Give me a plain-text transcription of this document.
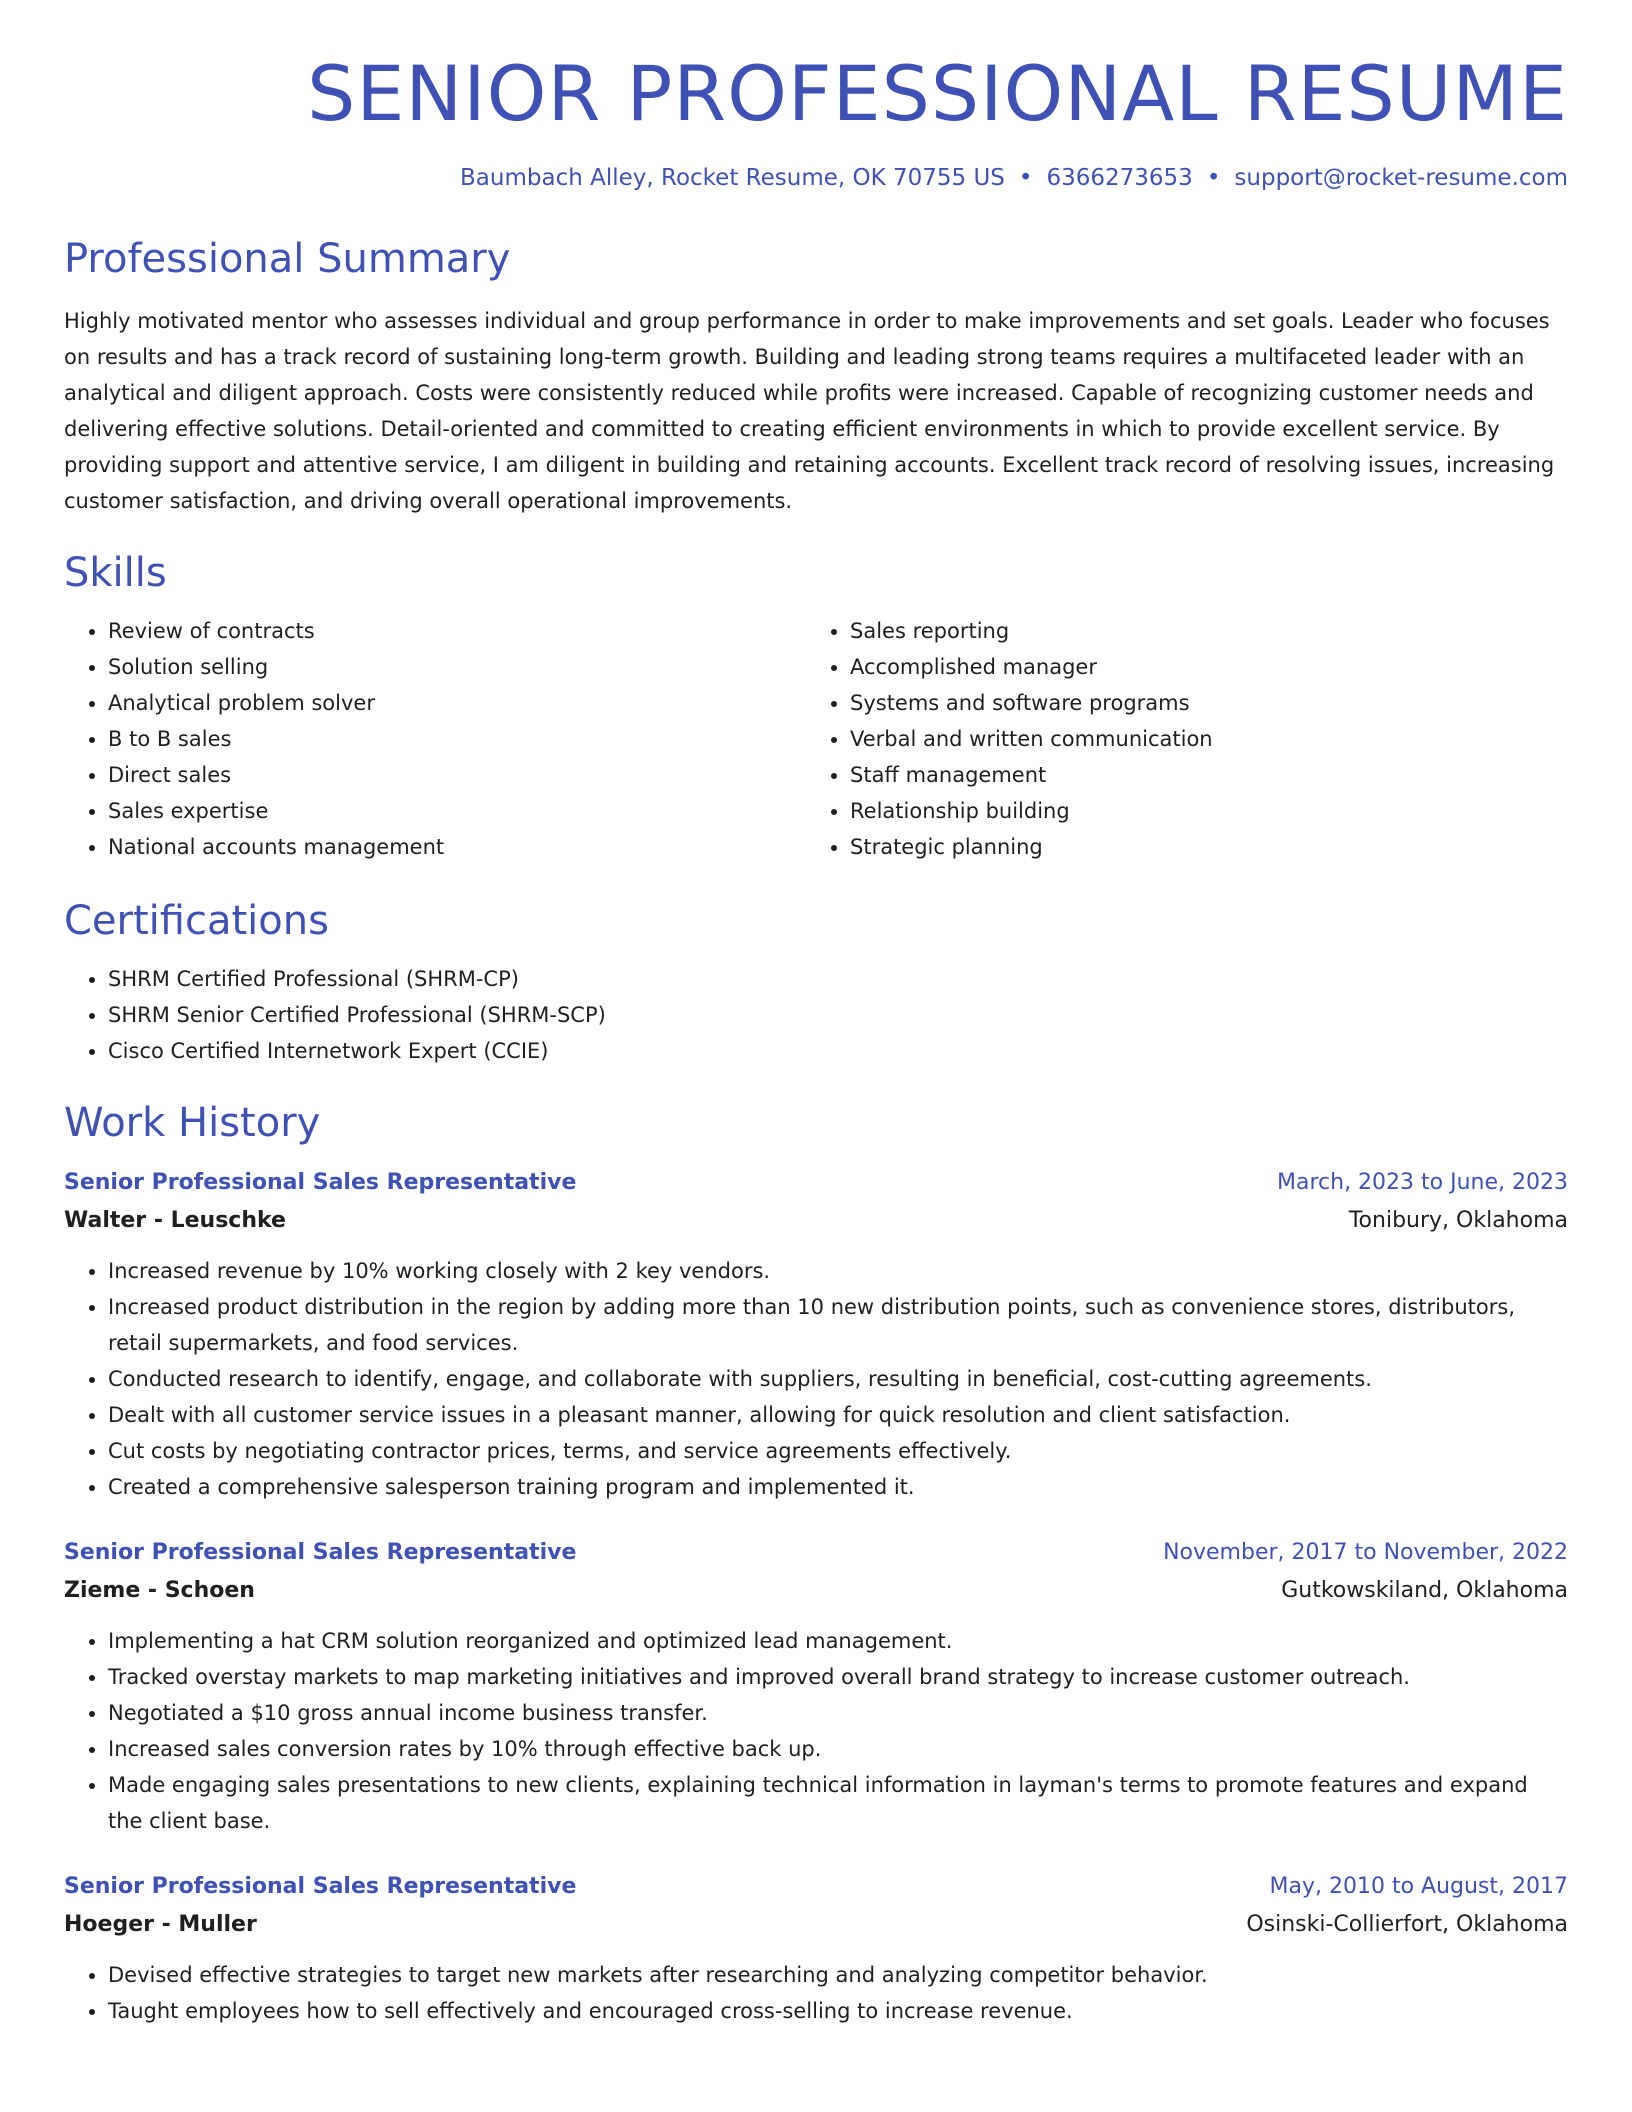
SENIOR PROFESSIONAL RESUME
Baumbach Alley, Rocket Resume, OK 70755 US • 6366273653 • support@rocket-resume.com
Professional Summary

Highly motivated mentor who assesses individual and group performance in order to make improvements and set goals. Leader who focuses on results and has a track record of sustaining long-term growth. Building and leading strong teams requires a multifaceted leader with an analytical and diligent approach. Costs were consistently reduced while profits were increased. Capable of recognizing customer needs and delivering effective solutions. Detail-oriented and committed to creating efficient environments in which to provide excellent service. By providing support and attentive service, I am diligent in building and retaining accounts. Excellent track record of resolving issues, increasing customer satisfaction, and driving overall operational improvements.

Skills
• Review of contracts
• Solution selling
• Analytical problem solver
• B to B sales
• Direct sales
• Sales expertise
• National accounts management
• Sales reporting
• Accomplished manager
• Systems and software programs
• Verbal and written communication
• Staff management
• Relationship building
• Strategic planning
Certifications
• SHRM Certified Professional (SHRM-CP)
• SHRM Senior Certified Professional (SHRM-SCP)
• Cisco Certified Internetwork Expert (CCIE)
Work History
Senior Professional Sales Representative	March, 2023 to June, 2023
Walter - Leuschke	Tonibury, Oklahoma
• Increased revenue by 10% working closely with 2 key vendors.
• Increased product distribution in the region by adding more than 10 new distribution points, such as convenience stores, distributors, retail supermarkets, and food services.
• Conducted research to identify, engage, and collaborate with suppliers, resulting in beneficial, cost-cutting agreements.
• Dealt with all customer service issues in a pleasant manner, allowing for quick resolution and client satisfaction.
• Cut costs by negotiating contractor prices, terms, and service agreements effectively.
• Created a comprehensive salesperson training program and implemented it.
Senior Professional Sales Representative	November, 2017 to November, 2022
Zieme - Schoen	Gutkowskiland, Oklahoma
• Implementing a hat CRM solution reorganized and optimized lead management.
• Tracked overstay markets to map marketing initiatives and improved overall brand strategy to increase customer outreach.
• Negotiated a $10 gross annual income business transfer.
• Increased sales conversion rates by 10% through effective back up.
• Made engaging sales presentations to new clients, explaining technical information in layman's terms to promote features and expand the client base.
Senior Professional Sales Representative	May, 2010 to August, 2017
Hoeger - Muller	Osinski-Collierfort, Oklahoma
• Devised effective strategies to target new markets after researching and analyzing competitor behavior.
• Taught employees how to sell effectively and encouraged cross-selling to increase revenue.
